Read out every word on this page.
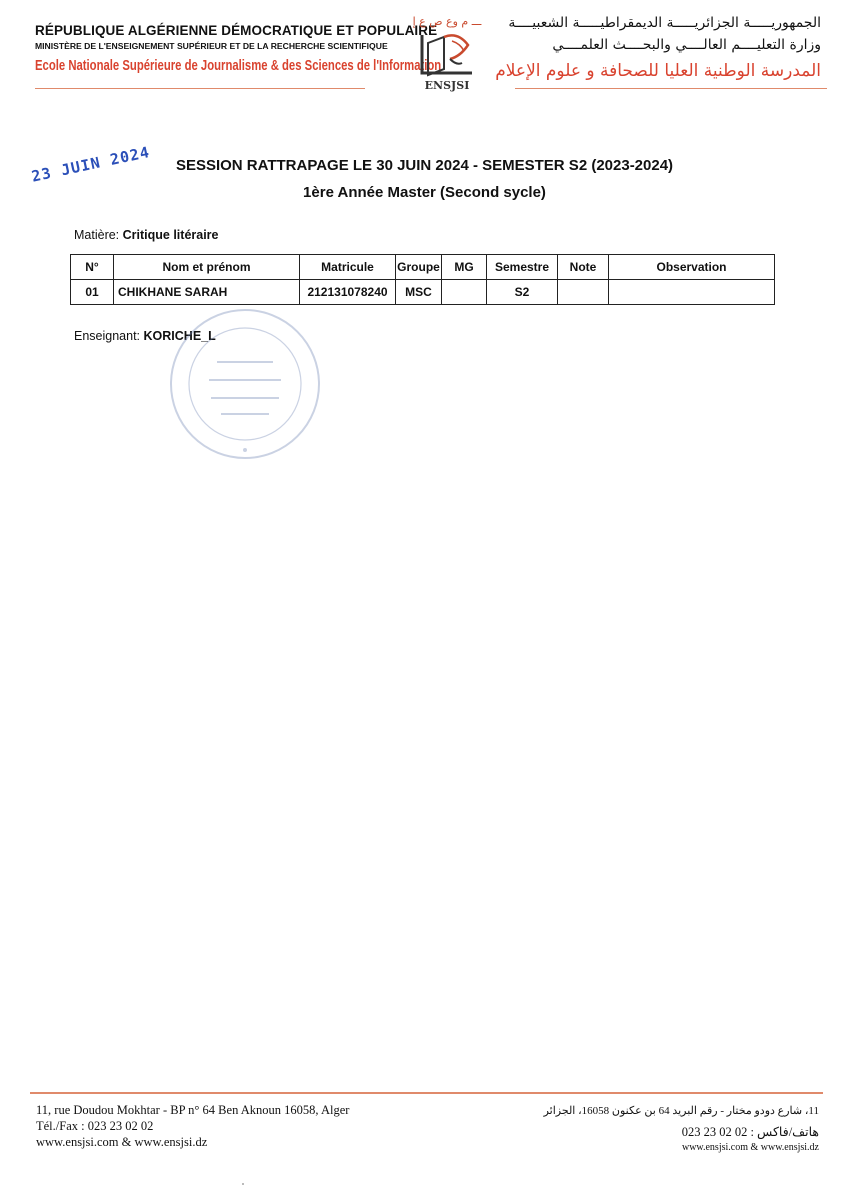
RÉPUBLIQUE ALGÉRIENNE DÉMOCRATIQUE ET POPULAIRE
MINISTÈRE DE L'ENSEIGNEMENT SUPÉRIEUR ET DE LA RECHERCHE SCIENTIFIQUE
Ecole Nationale Supérieure de Journalisme & des Sciences de l'Information
ـــ م وع ص ع إ
ENSJSI
الجمهوريـــــة الجزائريـــــة الديمقراطيـــــة الشعبيــــة
وزارة التعليــــم العالــــي والبحــــث العلمــــي
المدرسة الوطنية العليا للصحافة و علوم الإعلام
23 JUIN 2024	SESSION RATTRAPAGE LE 30 JUIN 2024 - SEMESTER S2 (2023-2024)
1ère Année Master (Second sycle)
Matière: Critique litéraire
N°	Nom et prénom	Matricule	Groupe	MG	Semestre	Note	Observation
01	CHIKHANE SARAH	212131078240	MSC		S2		
Enseignant: KORICHE_L
11, rue Doudou Mokhtar - BP n° 64 Ben Aknoun 16058, Alger
Tél./Fax : 023 23 02 02
www.ensjsi.com & www.ensjsi.dz
11، شارع دودو مختار - رقم البريد 64 بن عكنون 16058، الجزائر
هاتف/فاكس : 02 02 23 023
www.ensjsi.com & www.ensjsi.dz
